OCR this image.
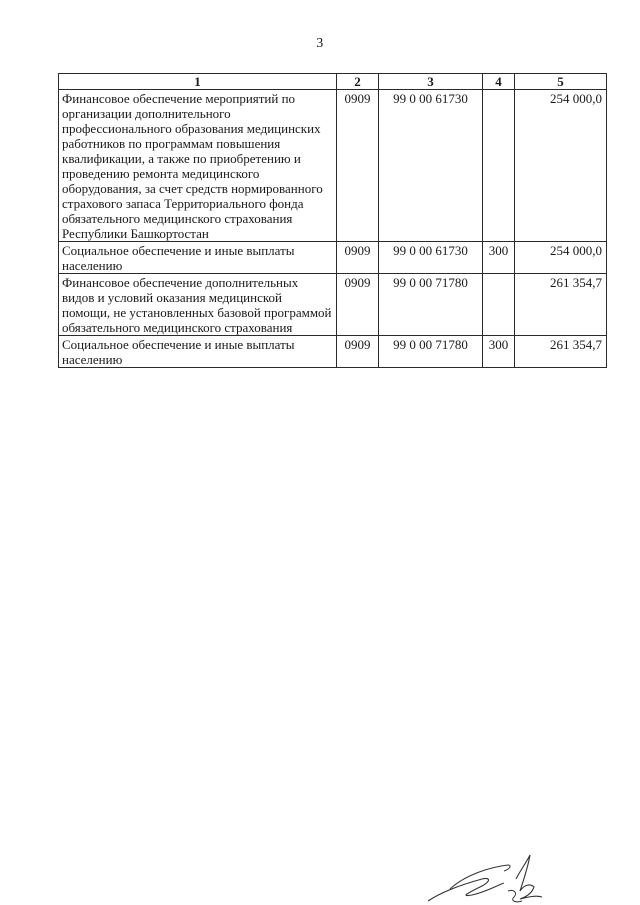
3
1	2	3	4	5
Финансовое обеспечение мероприятий по организации дополнительного профессионального образования медицинских работников по программам повышения квалификации, а также по приобретению и проведению ремонта медицинского оборудования, за счет средств нормированного страхового запаса Территориального фонда обязательного медицинского страхования Республики Башкортостан	0909	99 0 00 61730		254 000,0
Социальное обеспечение и иные выплаты населению	0909	99 0 00 61730	300	254 000,0
Финансовое обеспечение дополнительных видов и условий оказания медицинской помощи, не установленных базовой программой обязательного медицинского страхования	0909	99 0 00 71780		261 354,7
Социальное обеспечение и иные выплаты населению	0909	99 0 00 71780	300	261 354,7
